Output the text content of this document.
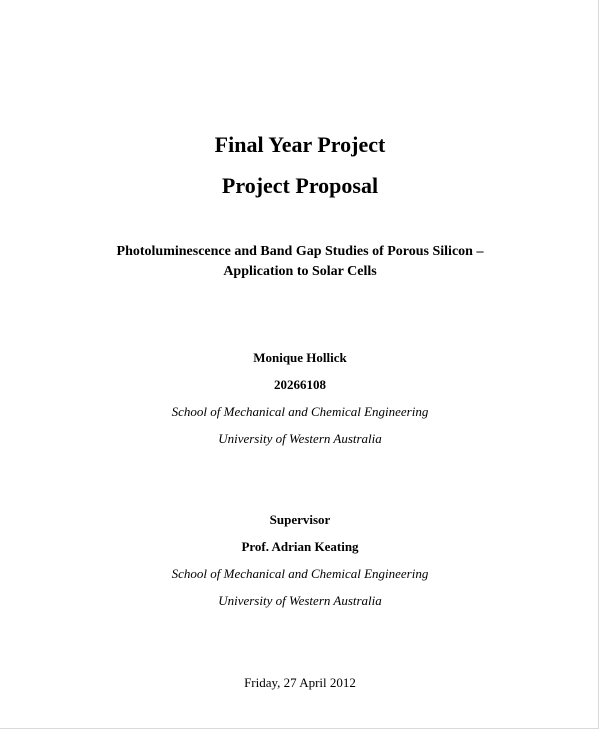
Final Year Project
Project Proposal
Photoluminescence and Band Gap Studies of Porous Silicon –
Application to Solar Cells
Monique Hollick
20266108
School of Mechanical and Chemical Engineering
University of Western Australia
Supervisor
Prof. Adrian Keating
School of Mechanical and Chemical Engineering
University of Western Australia
Friday, 27 April 2012
